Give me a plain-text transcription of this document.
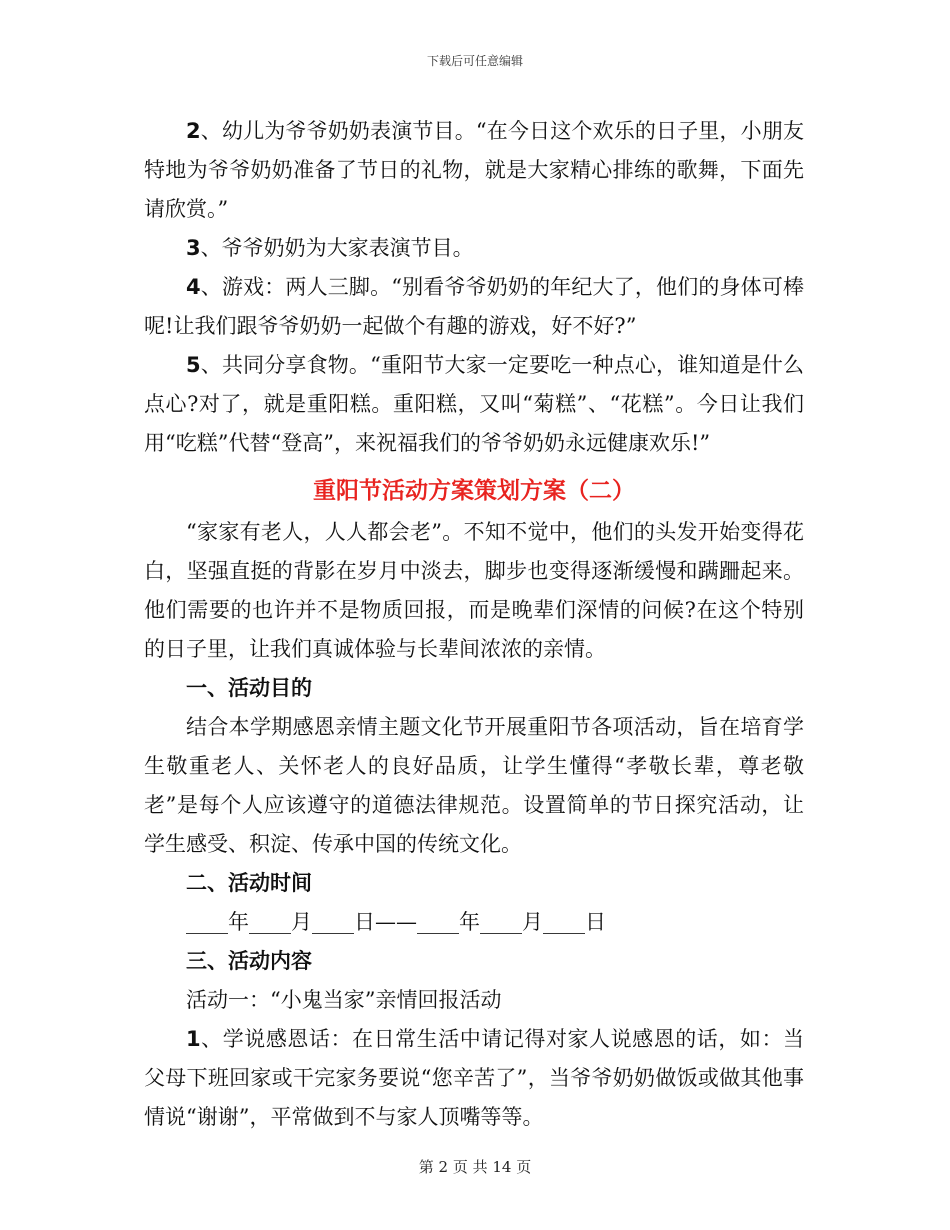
下载后可任意编辑

2、幼儿为爷爷奶奶表演节目。“在今日这个欢乐的日子里，小朋友特地为爷爷奶奶准备了节日的礼物，就是大家精心排练的歌舞，下面先请欣赏。”

3、爷爷奶奶为大家表演节目。

4、游戏：两人三脚。“别看爷爷奶奶的年纪大了，他们的身体可棒呢!让我们跟爷爷奶奶一起做个有趣的游戏，好不好?”

5、共同分享食物。“重阳节大家一定要吃一种点心，谁知道是什么点心?对了，就是重阳糕。重阳糕，又叫“菊糕”、“花糕”。今日让我们用“吃糕”代替“登高”，来祝福我们的爷爷奶奶永远健康欢乐!”

重阳节活动方案策划方案（二）

“家家有老人，人人都会老”。不知不觉中，他们的头发开始变得花白，坚强直挺的背影在岁月中淡去，脚步也变得逐渐缓慢和蹒跚起来。他们需要的也许并不是物质回报，而是晚辈们深情的问候?在这个特别的日子里，让我们真诚体验与长辈间浓浓的亲情。

一、活动目的

结合本学期感恩亲情主题文化节开展重阳节各项活动，旨在培育学生敬重老人、关怀老人的良好品质，让学生懂得“孝敬长辈，尊老敬老”是每个人应该遵守的道德法律规范。设置简单的节日探究活动，让学生感受、积淀、传承中国的传统文化。

二、活动时间

____年____月____日——____年____月____日

三、活动内容

活动一：“小鬼当家”亲情回报活动

1、学说感恩话：在日常生活中请记得对家人说感恩的话，如：当父母下班回家或干完家务要说“您辛苦了”，当爷爷奶奶做饭或做其他事情说“谢谢”，平常做到不与家人顶嘴等等。

第 2 页 共 14 页
